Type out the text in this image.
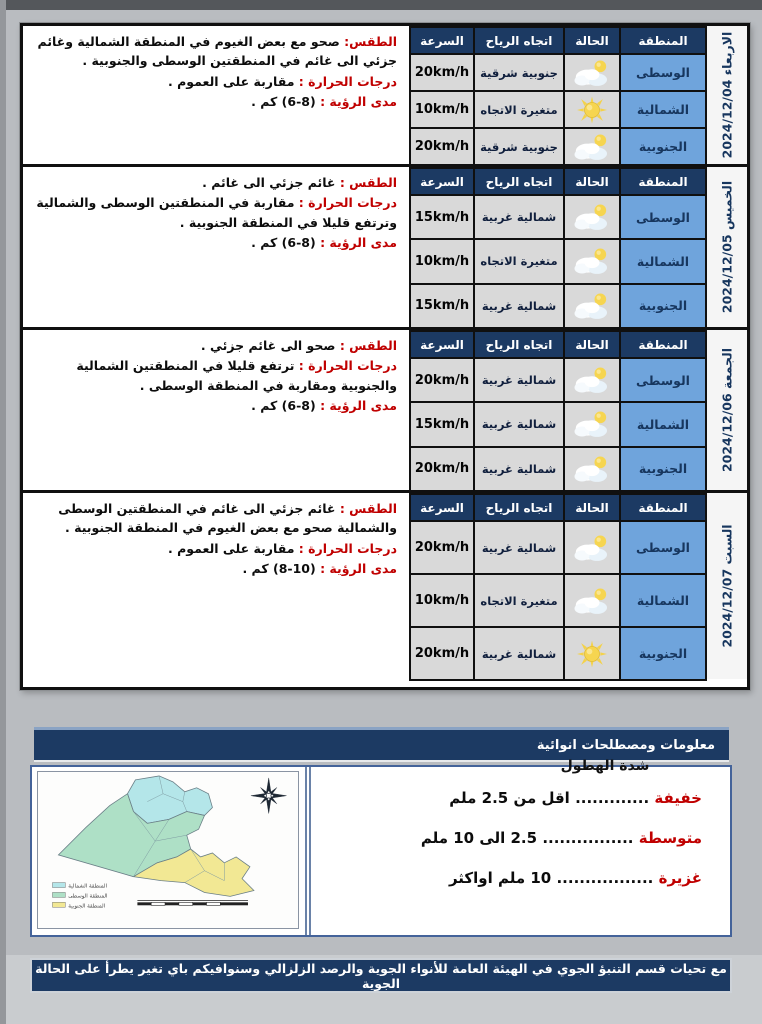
الاربعاء 2024/12/04
المنطقة	الحالة	اتجاه الرياح	السرعة
الوسطى		جنوبية شرقية	20km/h
الشمالية		متغيرة الاتجاه	10km/h
الجنوبية		جنوبية شرقية	20km/h
الطقس: صحو مع بعض الغيوم في المنطقة الشمالية وغائم جزئي الى غائم في المنطقتين الوسطى والجنوبية .
درجات الحرارة : مقاربة على العموم .
مدى الرؤية : (8-6) كم .
الخميس 2024/12/05
المنطقة	الحالة	اتجاه الرياح	السرعة
الوسطى		شمالية غربية	15km/h
الشمالية		متغيرة الاتجاه	10km/h
الجنوبية		شمالية غربية	15km/h
الطقس : غائم جزئي الى غائم .
درجات الحرارة : مقاربة في المنطقتين الوسطى والشمالية وترتفع قليلا في المنطقة الجنوبية .
مدى الرؤية : (8-6) كم .
الجمعة 2024/12/06
المنطقة	الحالة	اتجاه الرياح	السرعة
الوسطى		شمالية غربية	20km/h
الشمالية		شمالية غربية	15km/h
الجنوبية		شمالية غربية	20km/h
الطقس : صحو الى غائم جزئي .
درجات الحرارة : ترتفع قليلا في المنطقتين الشمالية والجنوبية ومقاربة في المنطقة الوسطى .
مدى الرؤية : (8-6) كم .
السبت 2024/12/07
المنطقة	الحالة	اتجاه الرياح	السرعة
الوسطى		شمالية غربية	20km/h
الشمالية		متغيرة الاتجاه	10km/h
الجنوبية		شمالية غربية	20km/h
الطقس : غائم جزئي الى غائم في المنطقتين الوسطى والشمالية صحو مع بعض الغيوم في المنطقة الجنوبية .
درجات الحرارة : مقاربة على العموم .
مدى الرؤية : (10-8) كم .
معلومات ومصطلحات انوائية
المنطقة الشمالية
المنطقة الوسطى
المنطقة الجنوبية
شدة الهطول
خفيفة ............. اقل من 2.5 ملم
متوسطة ................ 2.5 الى 10 ملم
غزيرة ................. 10 ملم اواكثر
مع تحيات قسم التنبؤ الجوي في الهيئة العامة للأنواء الجوية والرصد الزلزالي وسنوافيكم باي تغير يطرأ على الحالة الجوية
